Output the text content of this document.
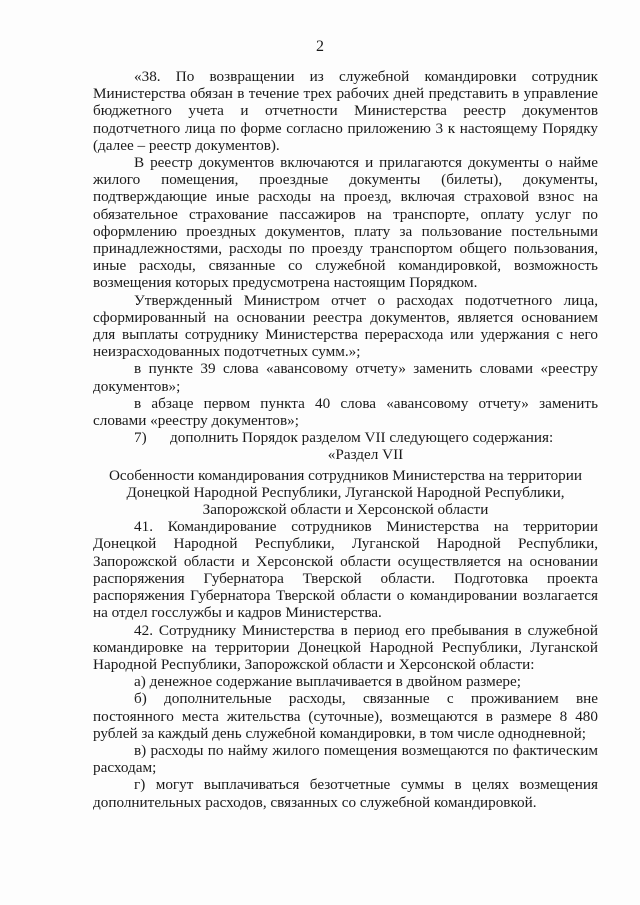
2

«38. По возвращении из служебной командировки сотрудник Министерства обязан в течение трех рабочих дней представить в управление бюджетного учета и отчетности Министерства реестр документов подотчетного лица по форме согласно приложению 3 к настоящему Порядку (далее – реестр документов).

В реестр документов включаются и прилагаются документы о найме жилого помещения, проездные документы (билеты), документы, подтверждающие иные расходы на проезд, включая страховой взнос на обязательное страхование пассажиров на транспорте, оплату услуг по оформлению проездных документов, плату за пользование постельными принадлежностями, расходы по проезду транспортом общего пользования, иные расходы, связанные со служебной командировкой, возможность возмещения которых предусмотрена настоящим Порядком.

Утвержденный Министром отчет о расходах подотчетного лица, сформированный на основании реестра документов, является основанием для выплаты сотруднику Министерства перерасхода или удержания с него неизрасходованных подотчетных сумм.»;

в пункте 39 слова «авансовому отчету» заменить словами «реестру документов»;

в абзаце первом пункта 40 слова «авансовому отчету» заменить словами «реестру документов»;

7) дополнить Порядок разделом VII следующего содержания:

«Раздел VII

Особенности командирования сотрудников Министерства на территории Донецкой Народной Республики, Луганской Народной Республики, Запорожской области и Херсонской области

41. Командирование сотрудников Министерства на территории Донецкой Народной Республики, Луганской Народной Республики, Запорожской области и Херсонской области осуществляется на основании распоряжения Губернатора Тверской области. Подготовка проекта распоряжения Губернатора Тверской области о командировании возлагается на отдел госслужбы и кадров Министерства.

42. Сотруднику Министерства в период его пребывания в служебной командировке на территории Донецкой Народной Республики, Луганской Народной Республики, Запорожской области и Херсонской области:

а) денежное содержание выплачивается в двойном размере;

б) дополнительные расходы, связанные с проживанием вне постоянного места жительства (суточные), возмещаются в размере 8 480 рублей за каждый день служебной командировки, в том числе однодневной;

в) расходы по найму жилого помещения возмещаются по фактическим расходам;

г) могут выплачиваться безотчетные суммы в целях возмещения дополнительных расходов, связанных со служебной командировкой.
